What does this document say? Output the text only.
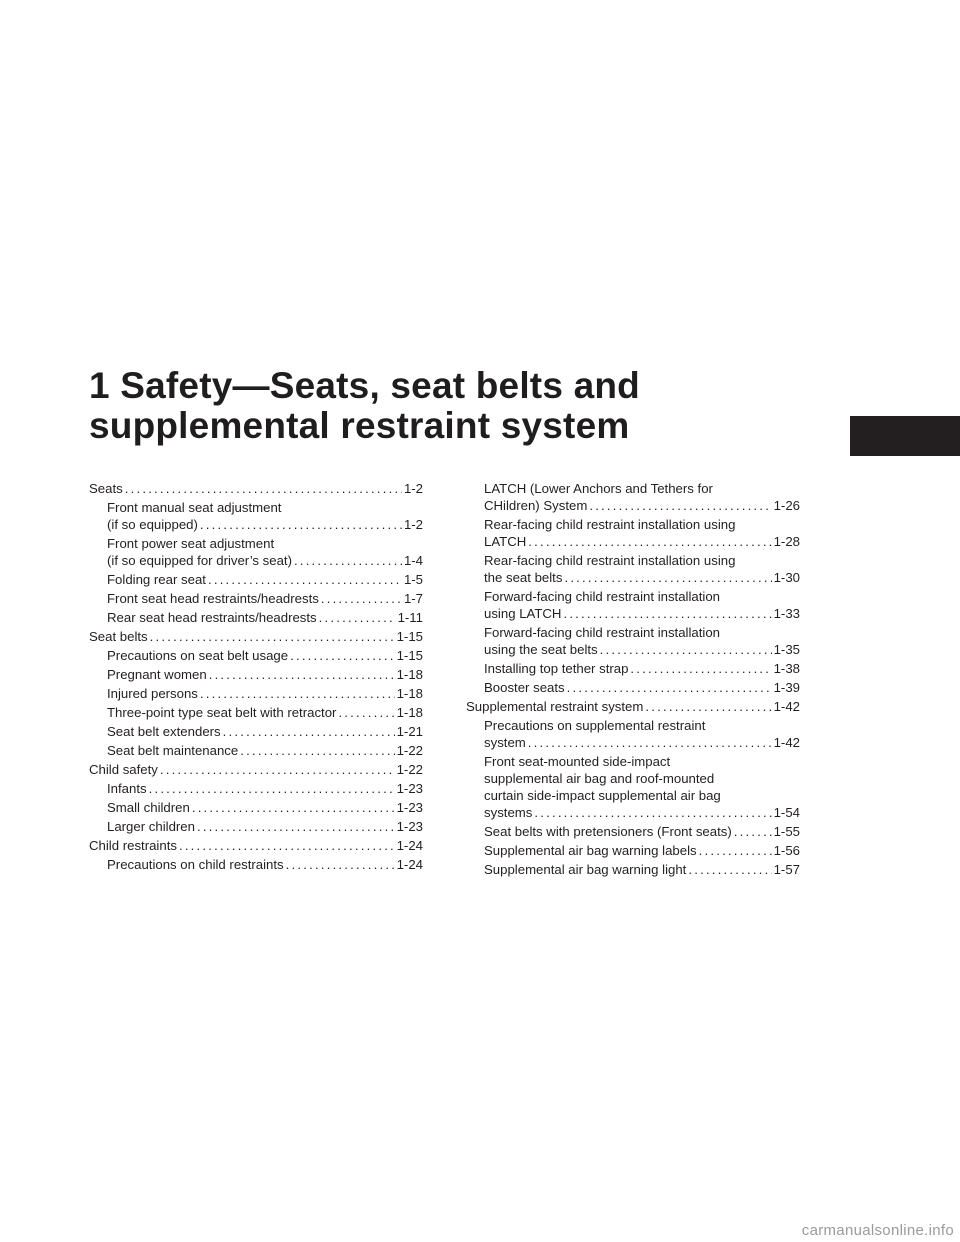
1 Safety—Seats, seat belts and
supplemental restraint system
Seats .....	1-2
Front manual seat adjustment
(if so equipped) .....	1-2
Front power seat adjustment
(if so equipped for driver’s seat) .....	1-4
Folding rear seat .....	1-5
Front seat head restraints/headrests .....	1-7
Rear seat head restraints/headrests .....	1-11
Seat belts .....	1-15
Precautions on seat belt usage .....	1-15
Pregnant women .....	1-18
Injured persons .....	1-18
Three-point type seat belt with retractor .....	1-18
Seat belt extenders .....	1-21
Seat belt maintenance .....	1-22
Child safety .....	1-22
Infants .....	1-23
Small children .....	1-23
Larger children .....	1-23
Child restraints .....	1-24
Precautions on child restraints .....	1-24
LATCH (Lower Anchors and Tethers for
CHildren) System .....	1-26
Rear-facing child restraint installation using
LATCH .....	1-28
Rear-facing child restraint installation using
the seat belts .....	1-30
Forward-facing child restraint installation
using LATCH .....	1-33
Forward-facing child restraint installation
using the seat belts .....	1-35
Installing top tether strap .....	1-38
Booster seats .....	1-39
Supplemental restraint system .....	1-42
Precautions on supplemental restraint
system .....	1-42
Front seat-mounted side-impact
supplemental air bag and roof-mounted
curtain side-impact supplemental air bag
systems .....	1-54
Seat belts with pretensioners (Front seats) .....	1-55
Supplemental air bag warning labels .....	1-56
Supplemental air bag warning light .....	1-57
carmanualsonline.info
